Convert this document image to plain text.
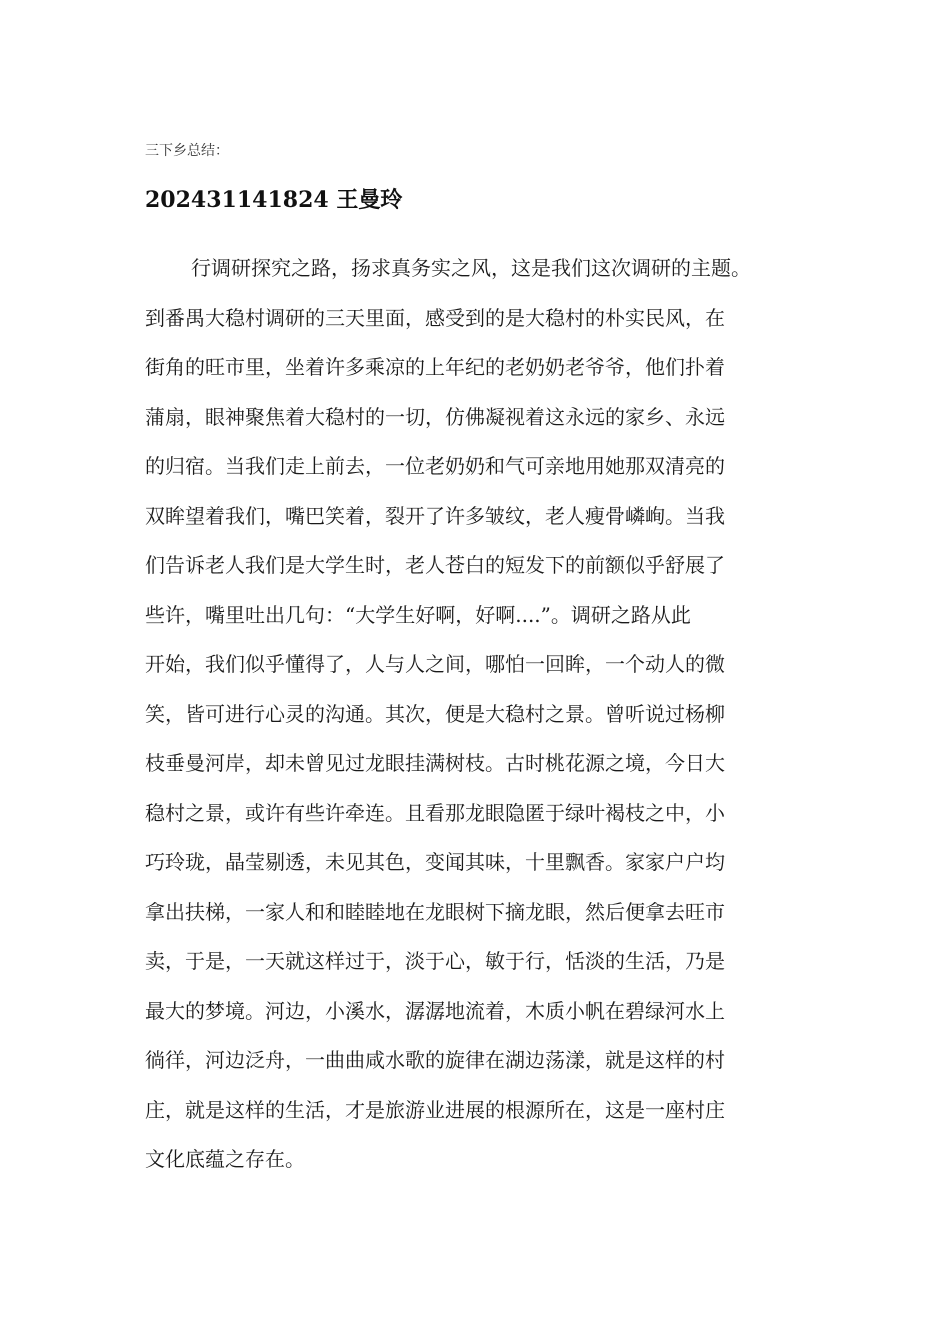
三下乡总结：
202431141824 王曼玲
行调研探究之路，扬求真务实之风，这是我们这次调研的主题。
到番禺大稳村调研的三天里面，感受到的是大稳村的朴实民风，在
街角的旺市里，坐着许多乘凉的上年纪的老奶奶老爷爷，他们扑着
蒲扇，眼神聚焦着大稳村的一切，仿佛凝视着这永远的家乡、永远
的归宿。当我们走上前去，一位老奶奶和气可亲地用她那双清亮的
双眸望着我们，嘴巴笑着，裂开了许多皱纹，老人瘦骨嶙峋。当我
们告诉老人我们是大学生时，老人苍白的短发下的前额似乎舒展了
些许，嘴里吐出几句：“大学生好啊，好啊....”。调研之路从此
开始，我们似乎懂得了，人与人之间，哪怕一回眸，一个动人的微
笑，皆可进行心灵的沟通。其次，便是大稳村之景。曾听说过杨柳
枝垂曼河岸，却未曾见过龙眼挂满树枝。古时桃花源之境，今日大
稳村之景，或许有些许牵连。且看那龙眼隐匿于绿叶褐枝之中，小
巧玲珑，晶莹剔透，未见其色，变闻其味，十里飘香。家家户户均
拿出扶梯，一家人和和睦睦地在龙眼树下摘龙眼，然后便拿去旺市
卖，于是，一天就这样过于，淡于心，敏于行，恬淡的生活，乃是
最大的梦境。河边，小溪水，潺潺地流着，木质小帆在碧绿河水上
徜徉，河边泛舟，一曲曲咸水歌的旋律在湖边荡漾，就是这样的村
庄，就是这样的生活，才是旅游业进展的根源所在，这是一座村庄
文化底蕴之存在。
